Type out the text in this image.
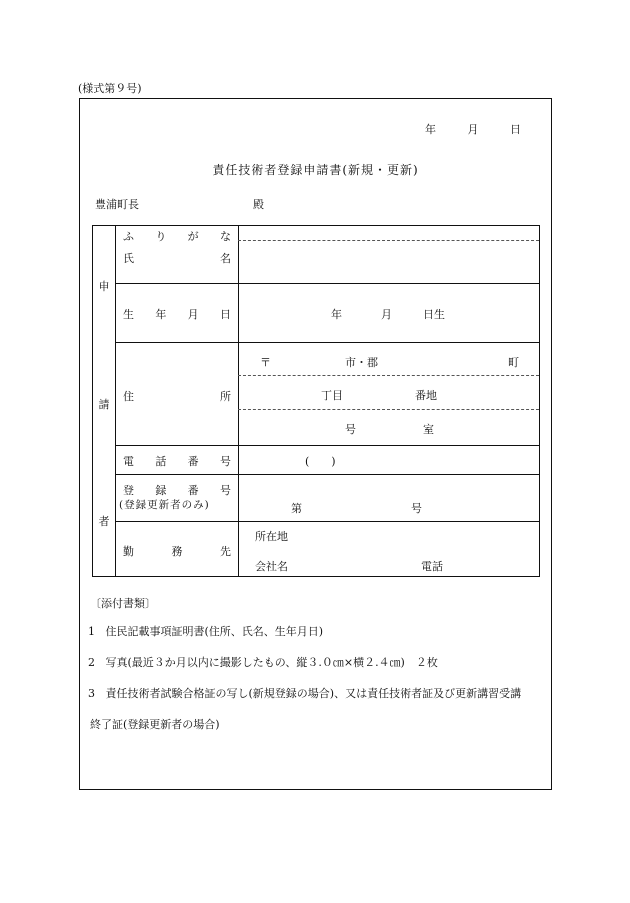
(様式第９号)
年	月	日
責任技術者登録申請書(新規・更新)
豊浦町長	殿
申
請
者
ふ り が な
氏	名
生 年 月 日	年	月	日生
住	所
〒	市・郡	町
丁目	番地
号	室
電 話 番 号	(　　)
登 録 番 号
(登録更新者のみ)	第	号
勤	務	先
所在地
会社名	電話
〔添付書類〕
1 住民記載事項証明書(住所、氏名、生年月日)
2 写真(最近３か月以内に撮影したもの、縦３.０㎝×横２.４㎝)　２枚
3 責任技術者試験合格証の写し(新規登録の場合)、又は責任技術者証及び更新講習受講
終了証(登録更新者の場合)
